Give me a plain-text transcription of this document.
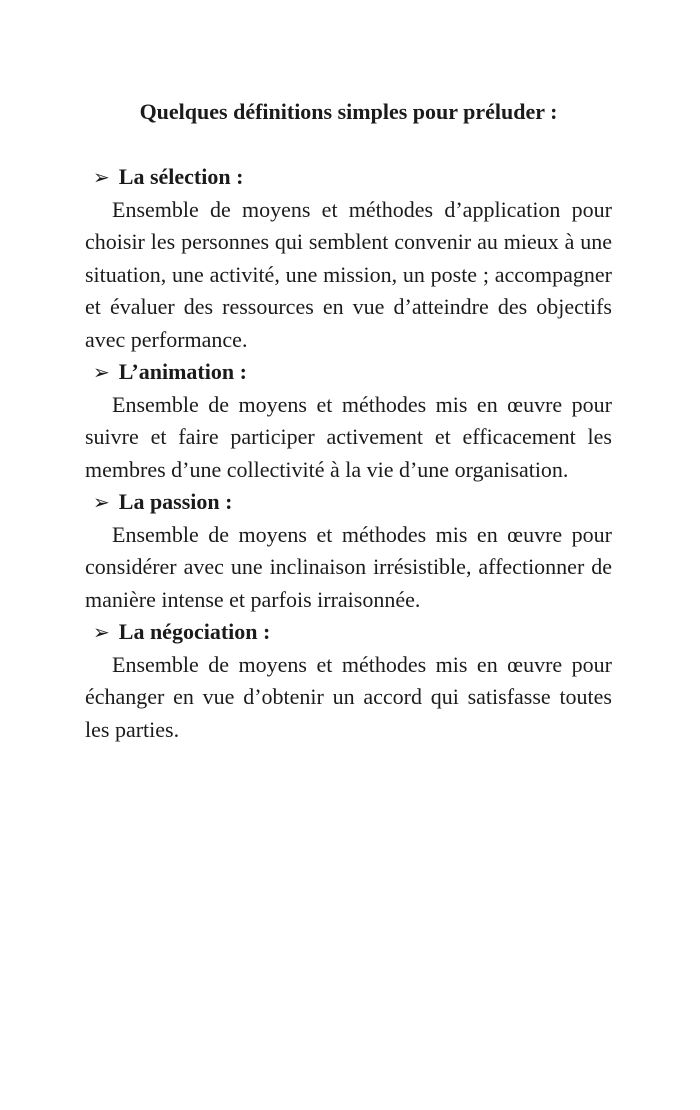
Quelques définitions simples pour préluder :

➢ La sélection :

Ensemble de moyens et méthodes d’application pour choisir les personnes qui semblent convenir au mieux à une situation, une activité, une mission, un poste ; accompagner et évaluer des ressources en vue d’atteindre des objectifs avec performance.

➢ L’animation :

Ensemble de moyens et méthodes mis en œuvre pour suivre et faire participer activement et efficacement les membres d’une collectivité à la vie d’une organisation.

➢ La passion :

Ensemble de moyens et méthodes mis en œuvre pour considérer avec une inclinaison irrésistible, affectionner de manière intense et parfois irraisonnée.

➢ La négociation :

Ensemble de moyens et méthodes mis en œuvre pour échanger en vue d’obtenir un accord qui satisfasse toutes les parties.
